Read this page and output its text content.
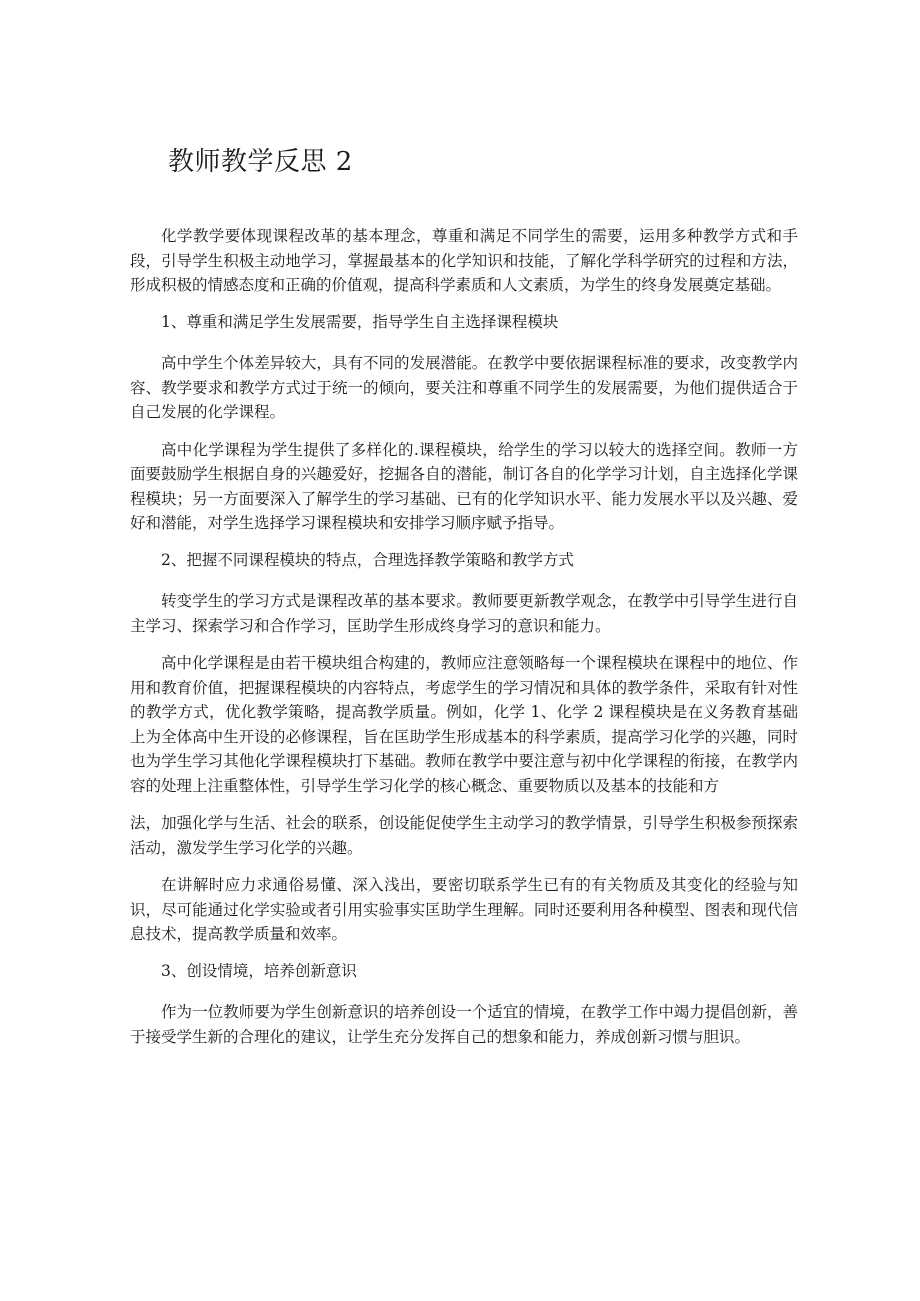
教师教学反思 2

化学教学要体现课程改革的基本理念，尊重和满足不同学生的需要，运用多种教学方式和手段，引导学生积极主动地学习，掌握最基本的化学知识和技能，了解化学科学研究的过程和方法，形成积极的情感态度和正确的价值观，提高科学素质和人文素质，为学生的终身发展奠定基础。

1、尊重和满足学生发展需要，指导学生自主选择课程模块

高中学生个体差异较大，具有不同的发展潜能。在教学中要依据课程标准的要求，改变教学内容、教学要求和教学方式过于统一的倾向，要关注和尊重不同学生的发展需要，为他们提供适合于自己发展的化学课程。

高中化学课程为学生提供了多样化的.课程模块，给学生的学习以较大的选择空间。教师一方面要鼓励学生根据自身的兴趣爱好，挖掘各自的潜能，制订各自的化学学习计划，自主选择化学课程模块；另一方面要深入了解学生的学习基础、已有的化学知识水平、能力发展水平以及兴趣、爱好和潜能，对学生选择学习课程模块和安排学习顺序赋予指导。

2、把握不同课程模块的特点，合理选择教学策略和教学方式

转变学生的学习方式是课程改革的基本要求。教师要更新教学观念，在教学中引导学生进行自主学习、探索学习和合作学习，匡助学生形成终身学习的意识和能力。

高中化学课程是由若干模块组合构建的，教师应注意领略每一个课程模块在课程中的地位、作用和教育价值，把握课程模块的内容特点，考虑学生的学习情况和具体的教学条件，采取有针对性的教学方式，优化教学策略，提高教学质量。例如，化学 1、化学 2 课程模块是在义务教育基础上为全体高中生开设的必修课程，旨在匡助学生形成基本的科学素质，提高学习化学的兴趣，同时也为学生学习其他化学课程模块打下基础。教师在教学中要注意与初中化学课程的衔接，在教学内容的处理上注重整体性，引导学生学习化学的核心概念、重要物质以及基本的技能和方

法，加强化学与生活、社会的联系，创设能促使学生主动学习的教学情景，引导学生积极参预探索活动，激发学生学习化学的兴趣。

在讲解时应力求通俗易懂、深入浅出，要密切联系学生已有的有关物质及其变化的经验与知识，尽可能通过化学实验或者引用实验事实匡助学生理解。同时还要利用各种模型、图表和现代信息技术，提高教学质量和效率。

3、创设情境，培养创新意识

作为一位教师要为学生创新意识的培养创设一个适宜的情境，在教学工作中竭力提倡创新，善于接受学生新的合理化的建议，让学生充分发挥自己的想象和能力，养成创新习惯与胆识。
